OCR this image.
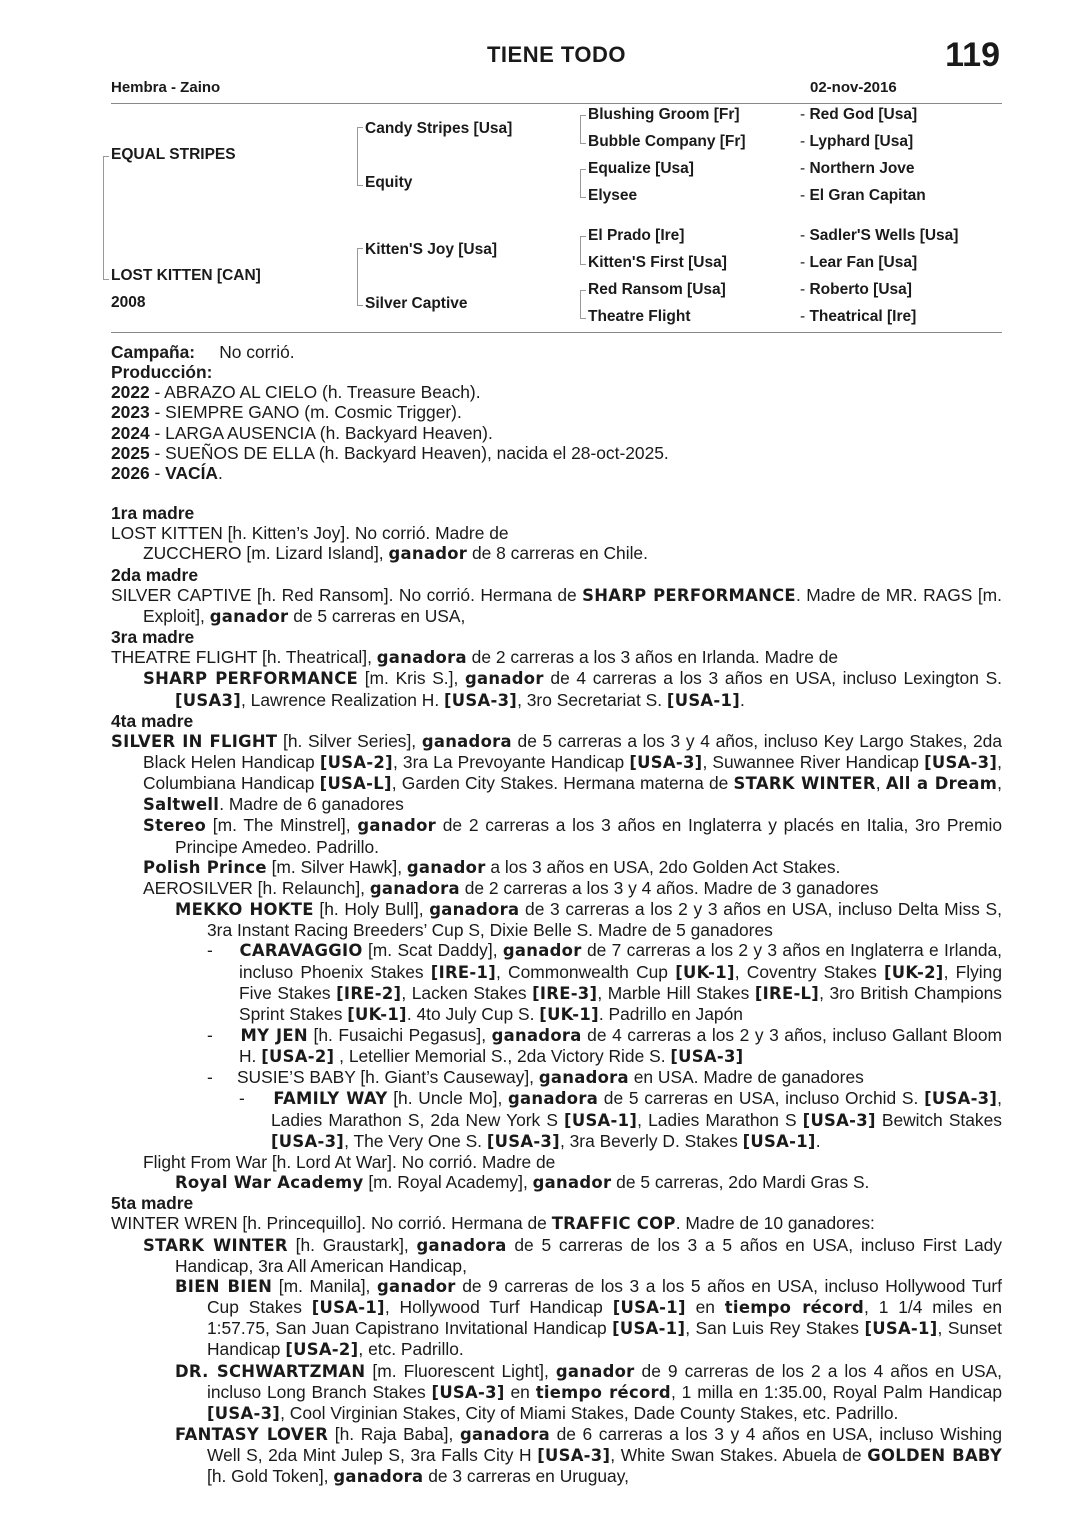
TIENE TODO	119
Hembra - Zaino	02-nov-2016
EQUAL STRIPES
LOST KITTEN [CAN]
2008
Candy Stripes [Usa]
Equity
Kitten'S Joy [Usa]
Silver Captive
Blushing Groom [Fr]
Bubble Company [Fr]
Equalize [Usa]
Elysee
El Prado [Ire]
Kitten'S First [Usa]
Red Ransom [Usa]
Theatre Flight
- Red God [Usa]
- Lyphard [Usa]
- Northern Jove
- El Gran Capitan
- Sadler'S Wells [Usa]
- Lear Fan [Usa]
- Roberto [Usa]
- Theatrical [Ire]

Campaña: No corrió.

Producción:

2022 - ABRAZO AL CIELO (h. Treasure Beach).

2023 - SIEMPRE GANO (m. Cosmic Trigger).

2024 - LARGA AUSENCIA (h. Backyard Heaven).

2025 - SUEÑOS DE ELLA (h. Backyard Heaven), nacida el 28-oct-2025.

2026 - VACÍA.

1ra madre

LOST KITTEN [h. Kitten’s Joy]. No corrió. Madre de
ZUCCHERO [m. Lizard Island], ganador de 8 carreras en Chile.

2da madre

SILVER CAPTIVE [h. Red Ransom]. No corrió. Hermana de SHARP PERFORMANCE. Madre de MR. RAGS [m. Exploit], ganador de 5 carreras en USA,

3ra madre

THEATRE FLIGHT [h. Theatrical], ganadora de 2 carreras a los 3 años en Irlanda. Madre de

SHARP PERFORMANCE [m. Kris S.], ganador de 4 carreras a los 3 años en USA, incluso Lexington S. [USA3], Lawrence Realization H. [USA-3], 3ro Secretariat S. [USA-1].

4ta madre

SILVER IN FLIGHT [h. Silver Series], ganadora de 5 carreras a los 3 y 4 años, incluso Key Largo Stakes, 2da Black Helen Handicap [USA-2], 3ra La Prevoyante Handicap [USA-3], Suwannee River Handicap [USA-3], Columbiana Handicap [USA-L], Garden City Stakes. Hermana materna de STARK WINTER, All a Dream, Saltwell. Madre de 6 ganadores

Stereo [m. The Minstrel], ganador de 2 carreras a los 3 años en Inglaterra y placés en Italia, 3ro Premio Principe Amedeo. Padrillo.

Polish Prince [m. Silver Hawk], ganador a los 3 años en USA, 2do Golden Act Stakes.

AEROSILVER [h. Relaunch], ganadora de 2 carreras a los 3 y 4 años. Madre de 3 ganadores

MEKKO HOKTE [h. Holy Bull], ganadora de 3 carreras a los 2 y 3 años en USA, incluso Delta Miss S, 3ra Instant Racing Breeders’ Cup S, Dixie Belle S. Madre de 5 ganadores

-     CARAVAGGIO [m. Scat Daddy], ganador de 7 carreras a los 2 y 3 años en Inglaterra e Irlanda, incluso Phoenix Stakes [IRE-1], Commonwealth Cup [UK-1], Coventry Stakes [UK-2], Flying Five Stakes [IRE-2], Lacken Stakes [IRE-3], Marble Hill Stakes [IRE-L], 3ro British Champions Sprint Stakes [UK-1]. 4to July Cup S. [UK-1]. Padrillo en Japón

-     MY JEN [h. Fusaichi Pegasus], ganadora de 4 carreras a los 2 y 3 años, incluso Gallant Bloom H. [USA-2] , Letellier Memorial S., 2da Victory Ride S. [USA-3]

-     SUSIE’S BABY [h. Giant’s Causeway], ganadora en USA. Madre de ganadores

-     FAMILY WAY [h. Uncle Mo], ganadora de 5 carreras en USA, incluso Orchid S. [USA-3], Ladies Marathon S, 2da New York S [USA-1], Ladies Marathon S [USA-3] Bewitch Stakes [USA-3], The Very One S. [USA-3], 3ra Beverly D. Stakes [USA-1].

Flight From War [h. Lord At War]. No corrió. Madre de

Royal War Academy [m. Royal Academy], ganador de 5 carreras, 2do Mardi Gras S.

5ta madre

WINTER WREN [h. Princequillo]. No corrió. Hermana de TRAFFIC COP. Madre de 10 ganadores:

STARK WINTER [h. Graustark], ganadora de 5 carreras de los 3 a 5 años en USA, incluso First Lady Handicap, 3ra All American Handicap,

BIEN BIEN [m. Manila], ganador de 9 carreras de los 3 a los 5 años en USA, incluso Hollywood Turf Cup Stakes [USA-1], Hollywood Turf Handicap [USA-1] en tiempo récord, 1 1/4 miles en 1:57.75, San Juan Capistrano Invitational Handicap [USA-1], San Luis Rey Stakes [USA-1], Sunset Handicap [USA-2], etc. Padrillo.

DR. SCHWARTZMAN [m. Fluorescent Light], ganador de 9 carreras de los 2 a los 4 años en USA, incluso Long Branch Stakes [USA-3] en tiempo récord, 1 milla en 1:35.00, Royal Palm Handicap [USA-3], Cool Virginian Stakes, City of Miami Stakes, Dade County Stakes, etc. Padrillo.

FANTASY LOVER [h. Raja Baba], ganadora de 6 carreras a los 3 y 4 años en USA, incluso Wishing Well S, 2da Mint Julep S, 3ra Falls City H [USA-3], White Swan Stakes. Abuela de GOLDEN BABY [h. Gold Token], ganadora de 3 carreras en Uruguay,
